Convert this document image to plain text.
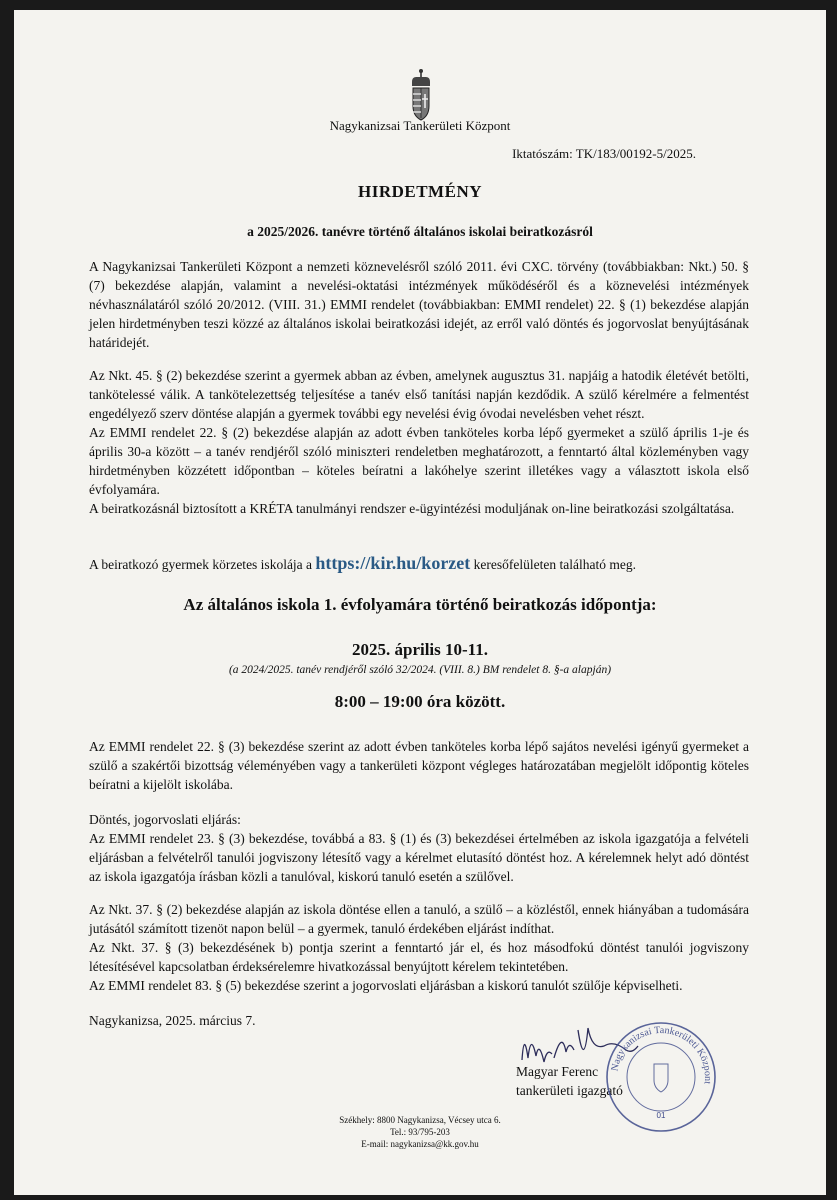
Nagykanizsai Tankerületi Központ
Iktatószám: TK/183/00192-5/2025.
HIRDETMÉNY
a 2025/2026. tanévre történő általános iskolai beiratkozásról
A Nagykanizsai Tankerületi Központ a nemzeti köznevelésről szóló 2011. évi CXC. törvény (továbbiakban: Nkt.) 50. § (7) bekezdése alapján, valamint a nevelési-oktatási intézmények működéséről és a köznevelési intézmények névhasználatáról szóló 20/2012. (VIII. 31.) EMMI rendelet (továbbiakban: EMMI rendelet) 22. § (1) bekezdése alapján jelen hirdetményben teszi közzé az általános iskolai beiratkozási idejét, az erről való döntés és jogorvoslat benyújtásának határidejét.
Az Nkt. 45. § (2) bekezdése szerint a gyermek abban az évben, amelynek augusztus 31. napjáig a hatodik életévét betölti, tankötelessé válik. A tankötelezettség teljesítése a tanév első tanítási napján kezdődik. A szülő kérelmére a felmentést engedélyező szerv döntése alapján a gyermek további egy nevelési évig óvodai nevelésben vehet részt.
Az EMMI rendelet 22. § (2) bekezdése alapján az adott évben tanköteles korba lépő gyermeket a szülő április 1-je és április 30-a között – a tanév rendjéről szóló miniszteri rendeletben meghatározott, a fenntartó által közleményben vagy hirdetményben közzétett időpontban – köteles beíratni a lakóhelye szerint illetékes vagy a választott iskola első évfolyamára.
A beiratkozásnál biztosított a KRÉTA tanulmányi rendszer e-ügyintézési moduljának on-line beiratkozási szolgáltatása.
A beiratkozó gyermek körzetes iskolája a https://kir.hu/korzet keresőfelületen található meg.
Az általános iskola 1. évfolyamára történő beiratkozás időpontja:
2025. április 10-11.
(a 2024/2025. tanév rendjéről szóló 32/2024. (VIII. 8.) BM rendelet 8. §-a alapján)
8:00 – 19:00 óra között.
Az EMMI rendelet 22. § (3) bekezdése szerint az adott évben tanköteles korba lépő sajátos nevelési igényű gyermeket a szülő a szakértői bizottság véleményében vagy a tankerületi központ végleges határozatában megjelölt időpontig köteles beíratni a kijelölt iskolába.
Döntés, jogorvoslati eljárás:
Az EMMI rendelet 23. § (3) bekezdése, továbbá a 83. § (1) és (3) bekezdései értelmében az iskola igazgatója a felvételi eljárásban a felvételről tanulói jogviszony létesítő vagy a kérelmet elutasító döntést hoz. A kérelemnek helyt adó döntést az iskola igazgatója írásban közli a tanulóval, kiskorú tanuló esetén a szülővel.
Az Nkt. 37. § (2) bekezdése alapján az iskola döntése ellen a tanuló, a szülő – a közléstől, ennek hiányában a tudomására jutásától számított tizenöt napon belül – a gyermek, tanuló érdekében eljárást indíthat.
Az Nkt. 37. § (3) bekezdésének b) pontja szerint a fenntartó jár el, és hoz másodfokú döntést tanulói jogviszony létesítésével kapcsolatban érdeksérelemre hivatkozással benyújtott kérelem tekintetében.
Az EMMI rendelet 83. § (5) bekezdése szerint a jogorvoslati eljárásban a kiskorú tanulót szülője képviselheti.
Nagykanizsa, 2025. március 7.
Magyar Ferenc
tankerületi igazgató
Nagykanizsai Tankerületi Központ
01
Székhely: 8800 Nagykanizsa, Vécsey utca 6.
Tel.: 93/795-203
E-mail: nagykanizsa@kk.gov.hu
